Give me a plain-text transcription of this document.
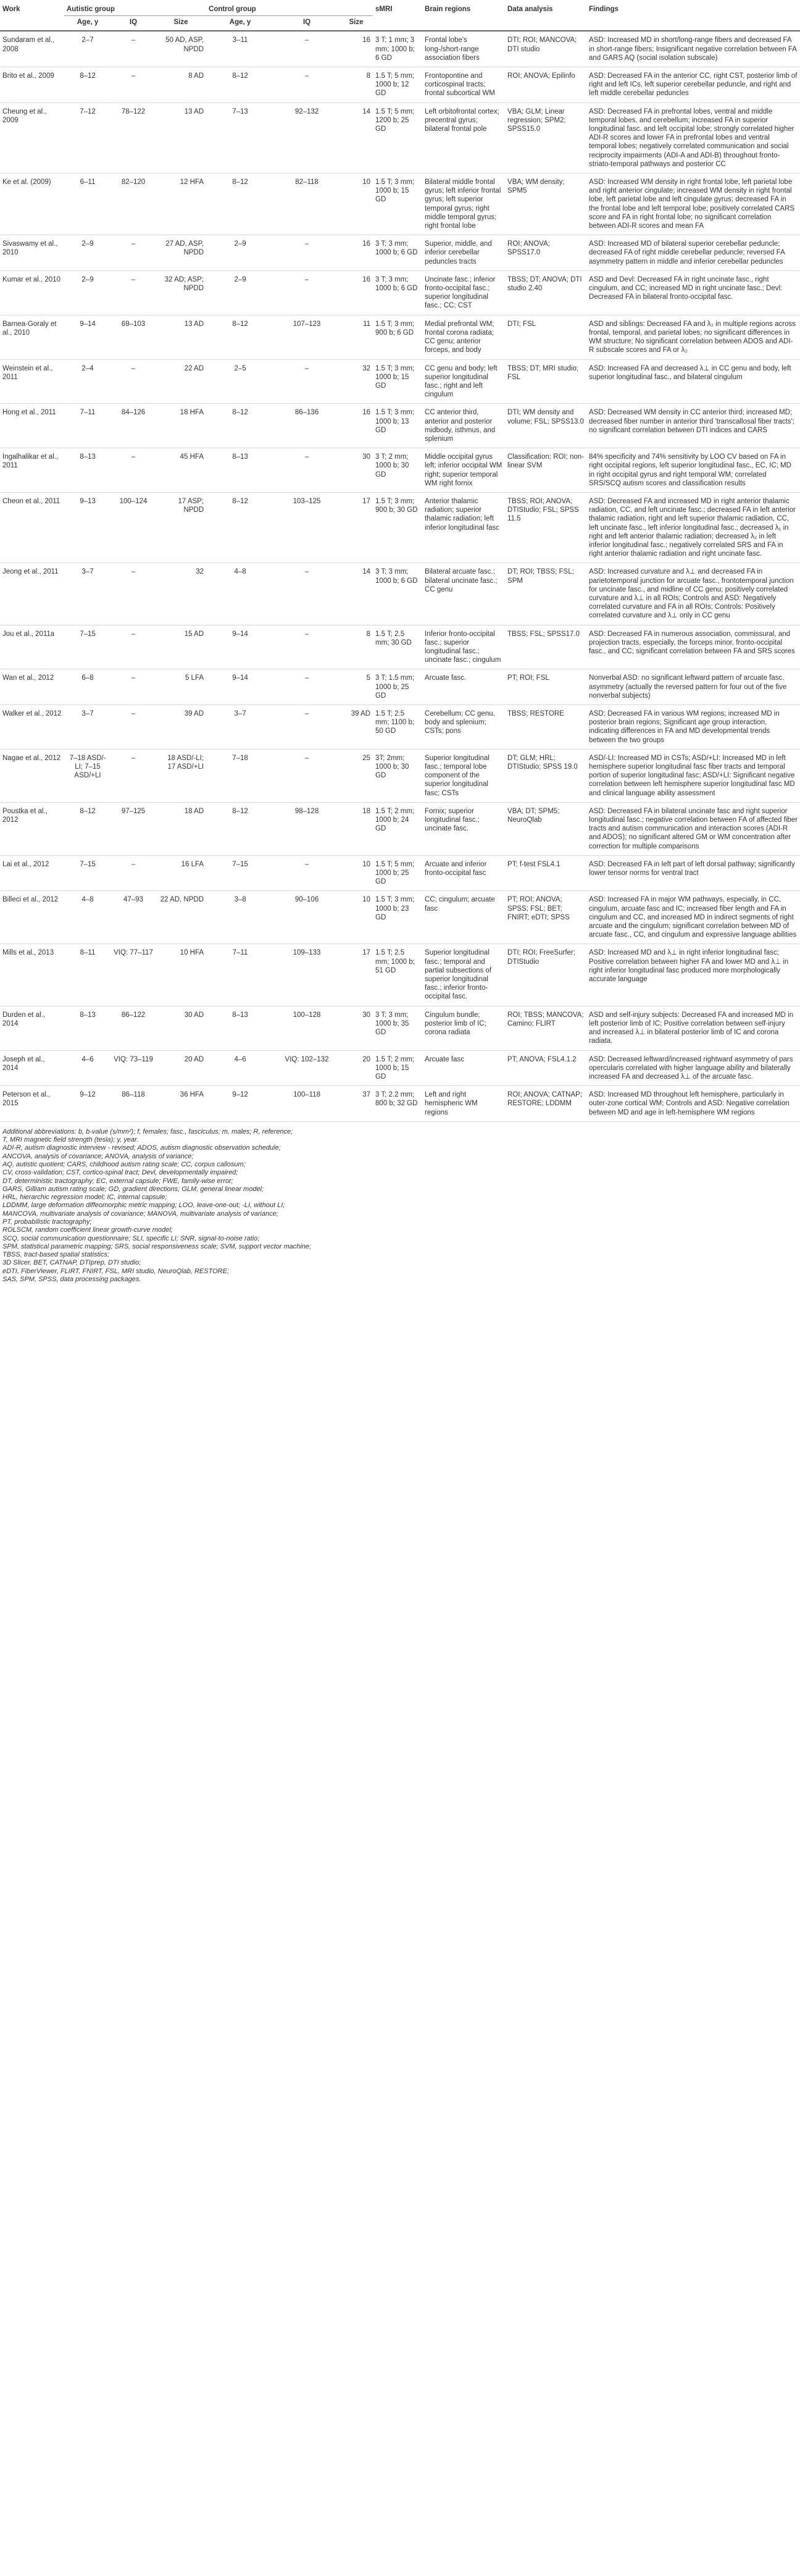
Work	Autistic group			Control group			sMRI	Brain regions	Data analysis	Findings
	Age, y	IQ	Size	Age, y	IQ	Size				
Sundaram et al., 2008	2–7	–	50 AD, ASP, NPDD	3–11	–	16	3 T; 1 mm; 3 mm; 1000 b; 6 GD	Frontal lobe's long-/short-range association fibers	DTI; ROI; MANCOVA; DTI studio	ASD: Increased MD in short/long-range fibers and decreased FA in short-range fibers; Insignificant negative correlation between FA and GARS AQ (social isolation subscale)
Brito et al., 2009	8–12	–	8 AD	8–12	–	8	1.5 T; 5 mm; 1000 b; 12 GD	Frontopontine and corticospinal tracts; frontal subcortical WM	ROI; ANOVA; Epilinfo	ASD: Decreased FA in the anterior CC, right CST, posterior limb of right and left ICs, left superior cerebellar peduncle, and right and left middle cerebellar peduncles
Cheung et al., 2009	7–12	78–122	13 AD	7–13	92–132	14	1.5 T; 5 mm; 1200 b; 25 GD	Left orbitofrontal cortex; precentral gyrus; bilateral frontal pole	VBA; GLM; Linear regression; SPM2; SPSS15.0	ASD: Decreased FA in prefrontal lobes, ventral and middle temporal lobes, and cerebellum; increased FA in superior longitudinal fasc. and left occipital lobe; strongly correlated higher ADI-R scores and lower FA in prefrontal lobes and ventral temporal lobes; negatively correlated communication and social reciprocity impairments (ADI-A and ADI-B) throughout fronto-striato-temporal pathways and posterior CC
Ke et al. (2009)	6–11	82–120	12 HFA	8–12	82–118	10	1.5 T; 3 mm; 1000 b; 15 GD	Bilateral middle frontal gyrus; left inferior frontal gyrus; left superior temporal gyrus; right middle temporal gyrus; right frontal lobe	VBA; WM density; SPM5	ASD: Increased WM density in right frontal lobe, left parietal lobe and right anterior cingulate; increased WM density in right frontal lobe, left parietal lobe and left cingulate gyrus; decreased FA in the frontal lobe and left temporal lobe; positively correlated CARS score and FA in right frontal lobe; no significant correlation between ADI-R scores and mean FA
Sivaswamy et al., 2010	2–9	–	27 AD, ASP, NPDD	2–9	–	16	3 T; 3 mm; 1000 b; 6 GD	Superior, middle, and inferior cerebellar peduncles tracts	ROI; ANOVA; SPSS17.0	ASD: Increased MD of bilateral superior cerebellar peduncle; decreased FA of right middle cerebellar peduncle; reversed FA asymmetry pattern in middle and inferior cerebellar peduncles
Kumar et al., 2010	2–9	–	32 AD; ASP; NPDD	2–9	–	16	3 T; 3 mm; 1000 b; 6 GD	Uncinate fasc.; inferior fronto-occipital fasc.; superior longitudinal fasc.; CC; CST	TBSS; DT; ANOVA; DTI studio 2.40	ASD and Devl: Decreased FA in right uncinate fasc., right cingulum, and CC; increased MD in right uncinate fasc.; Devl: Decreased FA in bilateral fronto-occipital fasc.
Barnea-Goraly et al., 2010	9–14	69–103	13 AD	8–12	107–123	11	1.5 T; 3 mm; 900 b; 6 GD	Medial prefrontal WM; frontal corona radiata; CC genu; anterior forceps, and body	DTI; FSL	ASD and siblings: Decreased FA and λ₂ in multiple regions across frontal, temporal, and parietal lobes; no significant differences in WM structure; No significant correlation between ADOS and ADI-R subscale scores and FA or λ₂
Weinstein et al., 2011	2–4	–	22 AD	2–5	–	32	1.5 T; 3 mm; 1000 b; 15 GD	CC genu and body; left superior longitudinal fasc.; right and left cingulum	TBSS; DT; MRI studio; FSL	ASD: Increased FA and decreased λ⊥ in CC genu and body, left superior longitudinal fasc., and bilateral cingulum
Hong et al., 2011	7–11	84–126	18 HFA	8–12	86–136	16	1.5 T; 3 mm; 1000 b; 13 GD	CC anterior third, anterior and posterior midbody, isthmus, and splenium	DTI; WM density and volume; FSL; SPSS13.0	ASD: Decreased WM density in CC anterior third; increased MD; decreased fiber number in anterior third 'transcallosal fiber tracts'; no significant correlation between DTI indices and CARS
Ingalhalikar et al., 2011	8–13	–	45 HFA	8–13	–	30	3 T; 2 mm; 1000 b; 30 GD	Middle occipital gyrus left; inferior occipital WM right; superior temporal WM right fornix	Classification; ROI; non-linear SVM	84% specificity and 74% sensitivity by LOO CV based on FA in right occipital regions, left superior longitudinal fasc., EC, IC; MD in right occipital gyrus and right temporal WM; correlated SRS/SCQ autism scores and classification results
Cheon et al., 2011	9–13	100–124	17 ASP; NPDD	8–12	103–125	17	1.5 T; 3 mm; 900 b; 30 GD	Anterior thalamic radiation; superior thalamic radiation; left inferior longitudinal fasc	TBSS; ROI; ANOVA; DTIStudio; FSL; SPSS 11.5	ASD: Decreased FA and increased MD in right anterior thalamic radiation, CC, and left uncinate fasc.; decreased FA in left anterior thalamic radiation, right and left superior thalamic radiation, CC, left uncinate fasc., left inferior longitudinal fasc.; decreased λ₁ in right and left anterior thalamic radiation; decreased λ₂ in left inferior longitudinal fasc.; negatively correlated SRS and FA in right anterior thalamic radiation and right uncinate fasc.
Jeong et al., 2011	3–7	–	32	4–8	–	14	3 T; 3 mm; 1000 b; 6 GD	Bilateral arcuate fasc.; bilateral uncinate fasc.; CC genu	DT; ROI; TBSS; FSL; SPM	ASD: Increased curvature and λ⊥ and decreased FA in parietotemporal junction for arcuate fasc., frontotemporal junction for uncinate fasc., and midline of CC genu; positively correlated curvature and λ⊥ in all ROIs; Controls and ASD: Negatively correlated curvature and FA in all ROIs; Controls: Positively correlated curvature and λ⊥ only in CC genu
Jou et al., 2011a	7–15	–	15 AD	9–14	–	8	1.5 T; 2.5 mm; 30 GD	Inferior fronto-occipital fasc.; superior longitudinal fasc.; uncinate fasc.; cingulum	TBSS; FSL; SPSS17.0	ASD: Decreased FA in numerous association, commissural, and projection tracts, especially, the forceps minor, fronto-occipital fasc., and CC; significant correlation between FA and SRS scores
Wan et al., 2012	6–8	–	5 LFA	9–14	–	5	3 T; 1.5 mm; 1000 b; 25 GD	Arcuate fasc.	PT; ROI; FSL	Nonverbal ASD: no significant leftward pattern of arcuate fasc. asymmetry (actually the reversed pattern for four out of the five nonverbal subjects)
Walker et al., 2012	3–7	–	39 AD	3–7	–	39 AD	1.5 T; 2.5 mm; 1100 b; 50 GD	Cerebellum; CC genu, body and splenium; CSTs; pons	TBSS; RESTORE	ASD: Decreased FA in various WM regions; increased MD in posterior brain regions; Significant age group interaction, indicating differences in FA and MD developmental trends between the two groups
Nagae et al., 2012	7–18 ASD/-LI; 7–15 ASD/+LI	–	18 ASD/-LI; 17 ASD/+LI	7–18	–	25	3T; 2mm; 1000 b; 30 GD	Superior longitudinal fasc.; temporal lobe component of the superior longitudinal fasc; CSTs	DT; GLM; HRL; DTIStudio; SPSS 19.0	ASD/-LI: Increased MD in CSTs; ASD/+LI: Increased MD in left hemisphere superior longitudinal fasc fiber tracts and temporal portion of superior longitudinal fasc; ASD/+LI: Significant negative correlation between left hemisphere superior longitudinal fasc MD and clinical language ability assessment
Poustka et al., 2012	8–12	97–125	18 AD	8–12	98–128	18	1.5 T; 2 mm; 1000 b; 24 GD	Fornix; superior longitudinal fasc.; uncinate fasc.	VBA; DT; SPM5; NeuroQlab	ASD: Decreased FA in bilateral uncinate fasc and right superior longitudinal fasc.; negative correlation between FA of affected fiber tracts and autism communication and interaction scores (ADI-R and ADOS); no significant altered GM or WM concentration after correction for multiple comparisons
Lai et al., 2012	7–15	–	16 LFA	7–15	–	10	1.5 T; 5 mm; 1000 b; 25 GD	Arcuate and inferior fronto-occipital fasc	PT; f-test FSL4.1	ASD: Decreased FA in left part of left dorsal pathway; significantly lower tensor norms for ventral tract
Billeci et al., 2012	4–8	47–93	22 AD, NPDD	3–8	90–106	10	1.5 T; 3 mm; 1000 b; 23 GD	CC; cingulum; arcuate fasc	PT; ROI; ANOVA; SPSS; FSL; BET; FNIRT; eDTI; SPSS	ASD: Increased FA in major WM pathways, especially, in CC, cingulum, arcuate fasc and IC; increased fiber length and FA in cingulum and CC, and increased MD in indirect segments of right arcuate and the cingulum; significant correlation between MD of arcuate fasc., CC, and cingulum and expressive language abilities
Mills et al., 2013	8–11	VIQ: 77–117	10 HFA	7–11	109–133	17	1.5 T; 2.5 mm; 1000 b; 51 GD	Superior longitudinal fasc.; temporal and partial subsections of superior longitudinal fasc.; inferior fronto-occipital fasc.	DTI; ROI; FreeSurfer; DTIStudio	ASD: Increased MD and λ⊥ in right inferior longitudinal fasc; Positive correlation between higher FA and lower MD and λ⊥ in right inferior longitudinal fasc produced more morphologically accurate language
Durden et al., 2014	8–13	86–122	30 AD	8–13	100–128	30	3 T; 3 mm; 1000 b; 35 GD	Cingulum bundle; posterior limb of IC; corona radiata	ROI; TBSS; MANCOVA; Camino; FLIRT	ASD and self-injury subjects: Decreased FA and increased MD in left posterior limb of IC; Positive correlation between self-injury and increased λ⊥ in bilateral posterior limb of IC and corona radiata.
Joseph et al., 2014	4–6	VIQ: 73–119	20 AD	4–6	VIQ: 102–132	20	1.5 T; 2 mm; 1000 b; 15 GD	Arcuate fasc	PT; ANOVA; FSL4.1.2	ASD: Decreased leftward/increased rightward asymmetry of pars opercularis correlated with higher language ability and bilaterally increased FA and decreased λ⊥ of the arcuate fasc.
Peterson et al., 2015	9–12	86–118	36 HFA	9–12	100–118	37	3 T; 2.2 mm; 800 b; 32 GD	Left and right hemispheric WM regions	ROI; ANOVA; CATNAP; RESTORE; LDDMM	ASD: Increased MD throughout left hemisphere, particularly in outer-zone cortical WM; Controls and ASD: Negative correlation between MD and age in left-hemisphere WM regions
Additional abbreviations: b, b-value (s/mm²); f, females; fasc., fasciculus; m, males; R, reference;
T, MRI magnetic field strength (tesla); y, year.
ADI-R, autism diagnostic interview - revised; ADOS, autism diagnostic observation schedule;
ANCOVA, analysis of covariance; ANOVA, analysis of variance;
AQ, autistic quotient; CARS, childhood autism rating scale; CC, corpus callosum;
CV, cross-validation; CST, cortico-spinal tract; Devl, developmentally impaired;
DT, deterministic tractography; EC, external capsule; FWE, family-wise error;
GARS, Gilliam autism rating scale; GD, gradient directions; GLM, general linear model;
HRL, hierarchic regression model; IC, internal capsule;
LDDMM, large deformation diffeomorphic metric mapping; LOO, leave-one-out; -LI, without LI;
MANCOVA, multivariate analysis of covariance; MANOVA, multivariate analysis of variance;
PT, probabilistic tractography;
ROLSCM, random coefficient linear growth-curve model;
SCQ, social communication questionnaire; SLI, specific LI; SNR, signal-to-noise ratio;
SPM, statistical parametric mapping; SRS, social responsiveness scale; SVM, support vector machine;
TBSS, tract-based spatial statistics;
3D Slicer, BET, CATNAP, DTIprep, DTI studio;
eDTI, FiberViewer, FLIRT, FNIRT, FSL, MRI studio, NeuroQlab, RESTORE;
SAS, SPM, SPSS, data processing packages.
